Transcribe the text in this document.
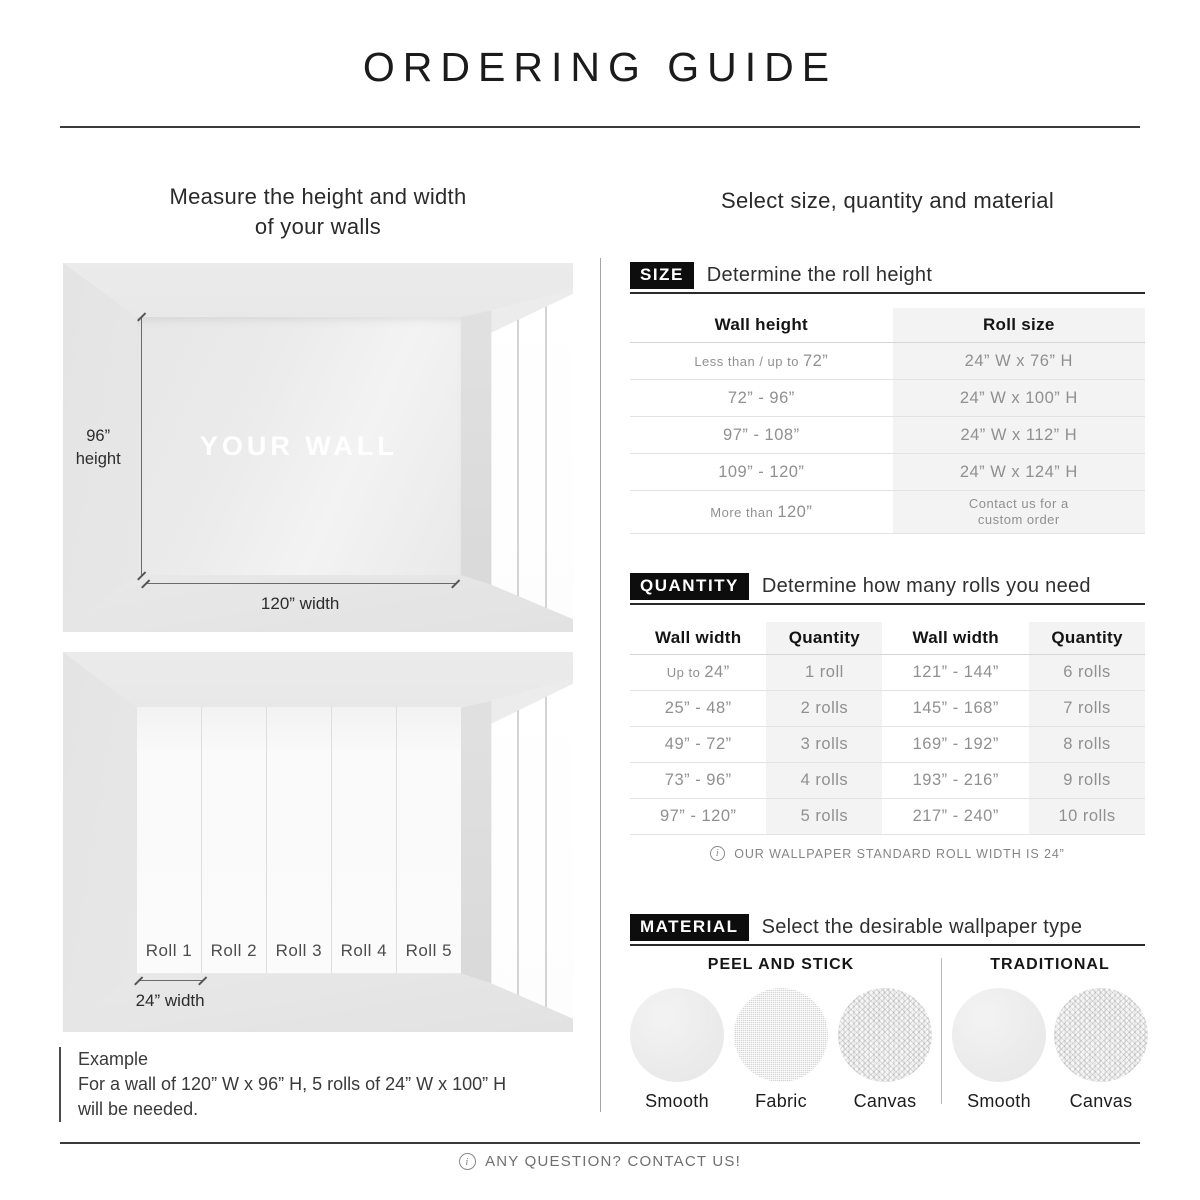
ORDERING GUIDE
Measure the height and width
of your walls
Select size, quantity and material
YOUR WALL
96”
height
120” width
Roll 1	Roll 2	Roll 3	Roll 4	Roll 5
24” width
Example
For a wall of 120” W x 96” H, 5 rolls of 24” W x 100” H
will be needed.
SIZE	Determine the roll height
Wall height	Roll size
Less than / up to 72”	24” W x 76” H
72” - 96”	24” W x 100” H
97” - 108”	24” W x 112” H
109” - 120”	24” W x 124” H
More than 120”	Contact us for a custom order
QUANTITY	Determine how many rolls you need
Wall width	Quantity	Wall width	Quantity
Up to 24”	1 roll	121” - 144”	6 rolls
25” - 48”	2 rolls	145” - 168”	7 rolls
49” - 72”	3 rolls	169” - 192”	8 rolls
73” - 96”	4 rolls	193” - 216”	9 rolls
97” - 120”	5 rolls	217” - 240”	10 rolls
i	OUR WALLPAPER STANDARD ROLL WIDTH IS 24”
MATERIAL	Select the desirable wallpaper type
PEEL AND STICK
Smooth	Fabric	Canvas
TRADITIONAL
Smooth Canvas
i	ANY QUESTION? CONTACT US!
